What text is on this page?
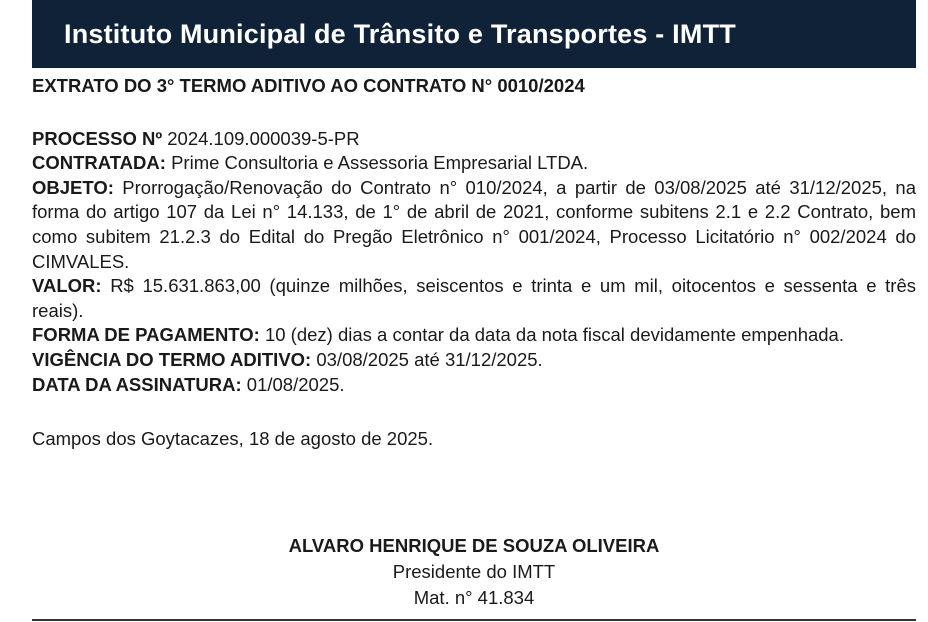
Instituto Municipal de Trânsito e Transportes - IMTT

EXTRATO DO 3° TERMO ADITIVO AO CONTRATO N° 0010/2024

PROCESSO Nº 2024.109.000039-5-PR

CONTRATADA: Prime Consultoria e Assessoria Empresarial LTDA.

OBJETO: Prorrogação/Renovação do Contrato n° 010/2024, a partir de 03/08/2025 até 31/12/2025, na forma do artigo 107 da Lei n° 14.133, de 1° de abril de 2021, conforme subitens 2.1 e 2.2 Contrato, bem como subitem 21.2.3 do Edital do Pregão Eletrônico n° 001/2024, Processo Licitatório n° 002/2024 do CIMVALES.

VALOR: R$ 15.631.863,00 (quinze milhões, seiscentos e trinta e um mil, oitocentos e sessenta e três reais).

FORMA DE PAGAMENTO: 10 (dez) dias a contar da data da nota fiscal devidamente empenhada.

VIGÊNCIA DO TERMO ADITIVO: 03/08/2025 até 31/12/2025.

DATA DA ASSINATURA: 01/08/2025.

Campos dos Goytacazes, 18 de agosto de 2025.

ALVARO HENRIQUE DE SOUZA OLIVEIRA
Presidente do IMTT
Mat. n° 41.834
